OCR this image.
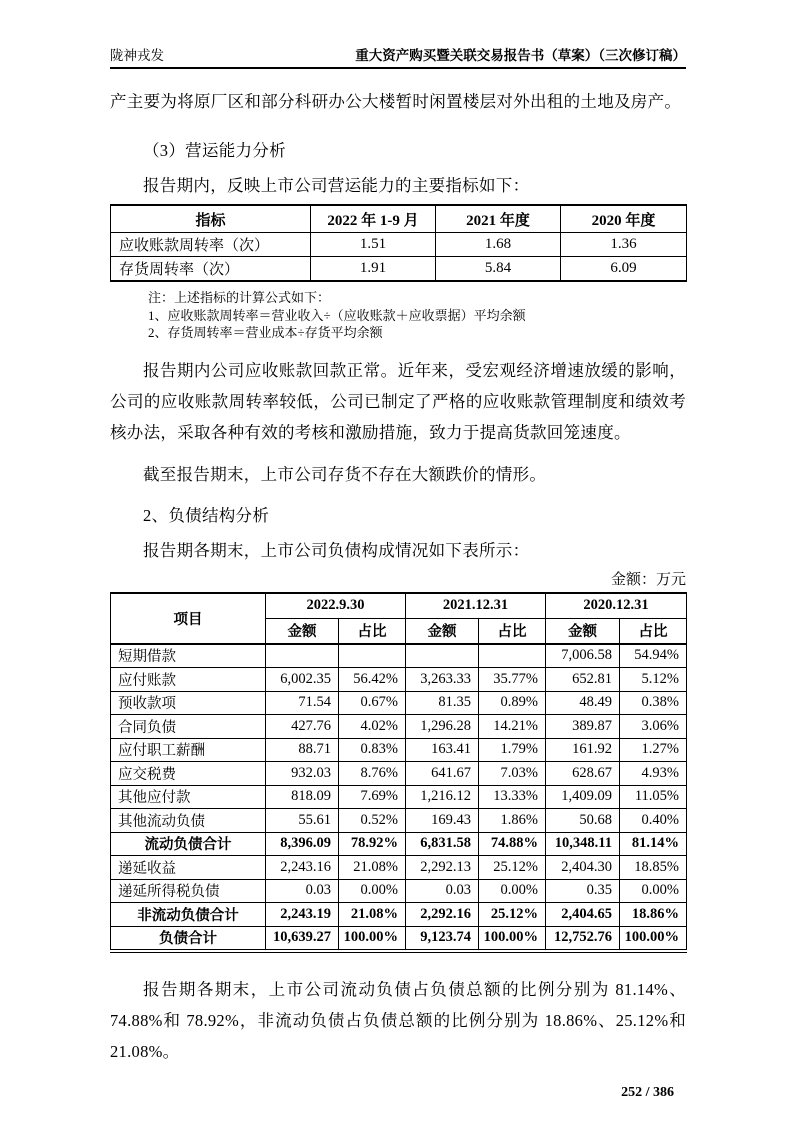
陇神戎发	重大资产购买暨关联交易报告书（草案）（三次修订稿）

产主要为将原厂区和部分科研办公大楼暂时闲置楼层对外出租的土地及房产。

（3）营运能力分析

报告期内，反映上市公司营运能力的主要指标如下：

指标	2022 年 1-9 月	2021 年度	2020 年度
应收账款周转率（次）	1.51	1.68	1.36
存货周转率（次）	1.91	5.84	6.09
注：上述指标的计算公式如下：
1、应收账款周转率＝营业收入÷（应收账款＋应收票据）平均余额
2、存货周转率＝营业成本÷存货平均余额

报告期内公司应收账款回款正常。近年来，受宏观经济增速放缓的影响，公司的应收账款周转率较低，公司已制定了严格的应收账款管理制度和绩效考核办法，采取各种有效的考核和激励措施，致力于提高货款回笼速度。

截至报告期末，上市公司存货不存在大额跌价的情形。

2、负债结构分析

报告期各期末，上市公司负债构成情况如下表所示：

金额：万元
项目	2022.9.30		2021.12.31		2020.12.31	
	金额	占比	金额	占比	金额	占比
短期借款					7,006.58	54.94%
应付账款	6,002.35	56.42%	3,263.33	35.77%	652.81	5.12%
预收款项	71.54	0.67%	81.35	0.89%	48.49	0.38%
合同负债	427.76	4.02%	1,296.28	14.21%	389.87	3.06%
应付职工薪酬	88.71	0.83%	163.41	1.79%	161.92	1.27%
应交税费	932.03	8.76%	641.67	7.03%	628.67	4.93%
其他应付款	818.09	7.69%	1,216.12	13.33%	1,409.09	11.05%
其他流动负债	55.61	0.52%	169.43	1.86%	50.68	0.40%
流动负债合计	8,396.09	78.92%	6,831.58	74.88%	10,348.11	81.14%
递延收益	2,243.16	21.08%	2,292.13	25.12%	2,404.30	18.85%
递延所得税负债	0.03	0.00%	0.03	0.00%	0.35	0.00%
非流动负债合计	2,243.19	21.08%	2,292.16	25.12%	2,404.65	18.86%
负债合计	10,639.27	100.00%	9,123.74	100.00%	12,752.76	100.00%

报告期各期末，上市公司流动负债占负债总额的比例分别为 81.14%、74.88%和 78.92%，非流动负债占负债总额的比例分别为 18.86%、25.12%和 21.08%。

252 / 386
